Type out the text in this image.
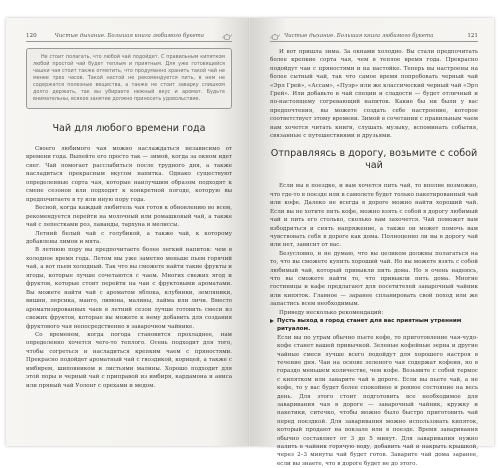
120	Чистые дыхание. Большая книга любимого букета

Не стоит полагать, что любой чай подойдет. С правильным кипятком любой простой чай будет теплым и приятным. Для уже готовящейся чашки чая стоит также отметить, что продуманно хранить такой чай не менее трех часов. Такой настой не рекомендуется пить, в нем не содержатся полезные вещества, а также не стоит заварку слишком долго держать, так вы убираете нежный вкус и аромат. Будьте внимательны, всякое занятие должно приносить удовольствие.

Чай для любого времени года

Своего любимого чая можно наслаждаться независимо от времени года. Выпейте его просто так — зимой, когда за окном идет снег. Чай помогает расслабиться после трудного дня, а также насладиться прекрасным вкусом напитка. Однако существуют определенные сорта чая, которые наилучшим образом подходят к смене сезонов или подходят к конкретной погоде, которую вы предпочитаете в ту или иную пору года.

Весной, когда каждый любитель чая готов к обновлению во всем, рекомендуется перейти на молочный или ромашковый чай, а также чай с лепестками роз, лаванды, тархуна и мелиссы.

Летний белый чай с голубикой, а также чай, к которому добавлены лимон и мята.

В летнюю пору вы предпочитаете более легкий напиток: чем в холодное время года. Летом мы уже заметно меньше пьем горячий чай, а вот пьем холодный. Так что вы сможете найти такие фрукты и ягоды, которые лучше сочетаются с чаем. Многих свежих ягод и фруктов, которые стоит перейти на чаи с фруктовыми ароматами. Вы можете найти чай с ароматом яблока, клубники, земляники, вишни, персика, манго, лимона, малины, лайма или личи. Вместо ароматизированных чаев в летний сезон лучше готовить смеси из свежих фруктов, которые вы можете к нему добавить для создания фруктового чая непосредственно в заварочном чайнике.

Со временем, когда погода становится прохладнее, нам определенно хочется чего-то теплого. Осень подходит для того, чтобы согреться и насладиться крепким чаем с пряностями. Прекрасно подойдет ароматный чай с гвоздикой, корицей, а также с имбирем, шиповником и листьями малины. Хорошо подходит для этой поры и черный чай с приправой из имбиря, кардамона и аниса или пряный чай Уолонг с орехами и медом.

Чистые дыхание. Большая книга любимого букета	121

И вот пришла зима. За окнами холодно. Вы стали предпочитать более крепкие сорта чая, чем в теплое время года. Прекрасно подойдут чаи с пряностями и на настойке. Теперь вы настроены на более сытный чай, так что самое время попробовать черный чай «Эрл Грей», «Ассам», «Пуэр» или же классический черный чай «Эрл Грей». Или добавьте в чай специи и сладости — будет отличный и по-настоящему согревающий напиток. Какие бы ни были у вас предпочтения, вы можете создать себе настроение, которое соответствует этому времени. Зимой в сочетании с правильным чаем нам хочется читать книги, слушать музыку, вспоминать события, связанные с путешествиями и друзьями.

Отправляясь в дорогу, возьмите с собой чай

Если вы в поездке, и вам хочется пить чай, то вполне возможно, что где-то в поезде или в самолете будет только пакетированный чай или кофе. Далеко не всегда в дороге можно найти хороший чай. Если вы не хотите пить кофе, можно взять с собой в дорогу любимый чай и пить его столько, сколько вам захочется. Чай поможет вам взбодриться и снять напряжение, а также он может помочь вам чувствовать себя в дороге как дома. Полноценно ли вы в дорогу чай или нет, зависит от вас.

Безусловно, и не думаю, что вы целиком должны полагаться на то, что вы сможете купить хороший чай. Но вы можете взять с собой любимый чай, который привыкли пить дома. Но я очень надеюсь, что вы сможете найти то, что привыкли пить дома. Многие гостиницы и кафе предлагают для посетителей заварочный чайник или кипяток. Главное — заранее спланировать свой поход или же запастись всем необходимым.

Приведу несколько рекомендаций:

Пусть выход в город станет для вас приятным утренним ритуалом.

Если вы по утрам обычно пьете кофе, то приготовление чая-чудо-кофе станет вашей привычкой. Зеленые кофейные зерна и другие чайные смеси лучше всего подойдут для хорошего настроя в течение дня. Чаи на основе зеленого чая содержат кофеин, но в гораздо меньшем количестве, чем кофе. Возьмите с собой термос с кипятком или заварите чай в дороге. Если вы пьете чай, а не кофе, то у вас будет более спокойное и ровное состояние на весь день. Для этого стоит подготовить все необходимое для заваривания чая в дороге — заварочный чайник, кружку и пакетики, ситечко, чтобы можно было быстро приготовить чай перед поездкой. Для заваривания можно использовать кипяток, который продают на вокзале или в поезде. Время заваривания обычно составляет от 3 до 5 минут. Для заваривания нужно налить в чайник горячую воду, добавить чай и накрыть крышкой, через 2–3 минуты чай будет готов. Заварите чай дома заранее, если вы знаете, что в дороге будет не до этого.
